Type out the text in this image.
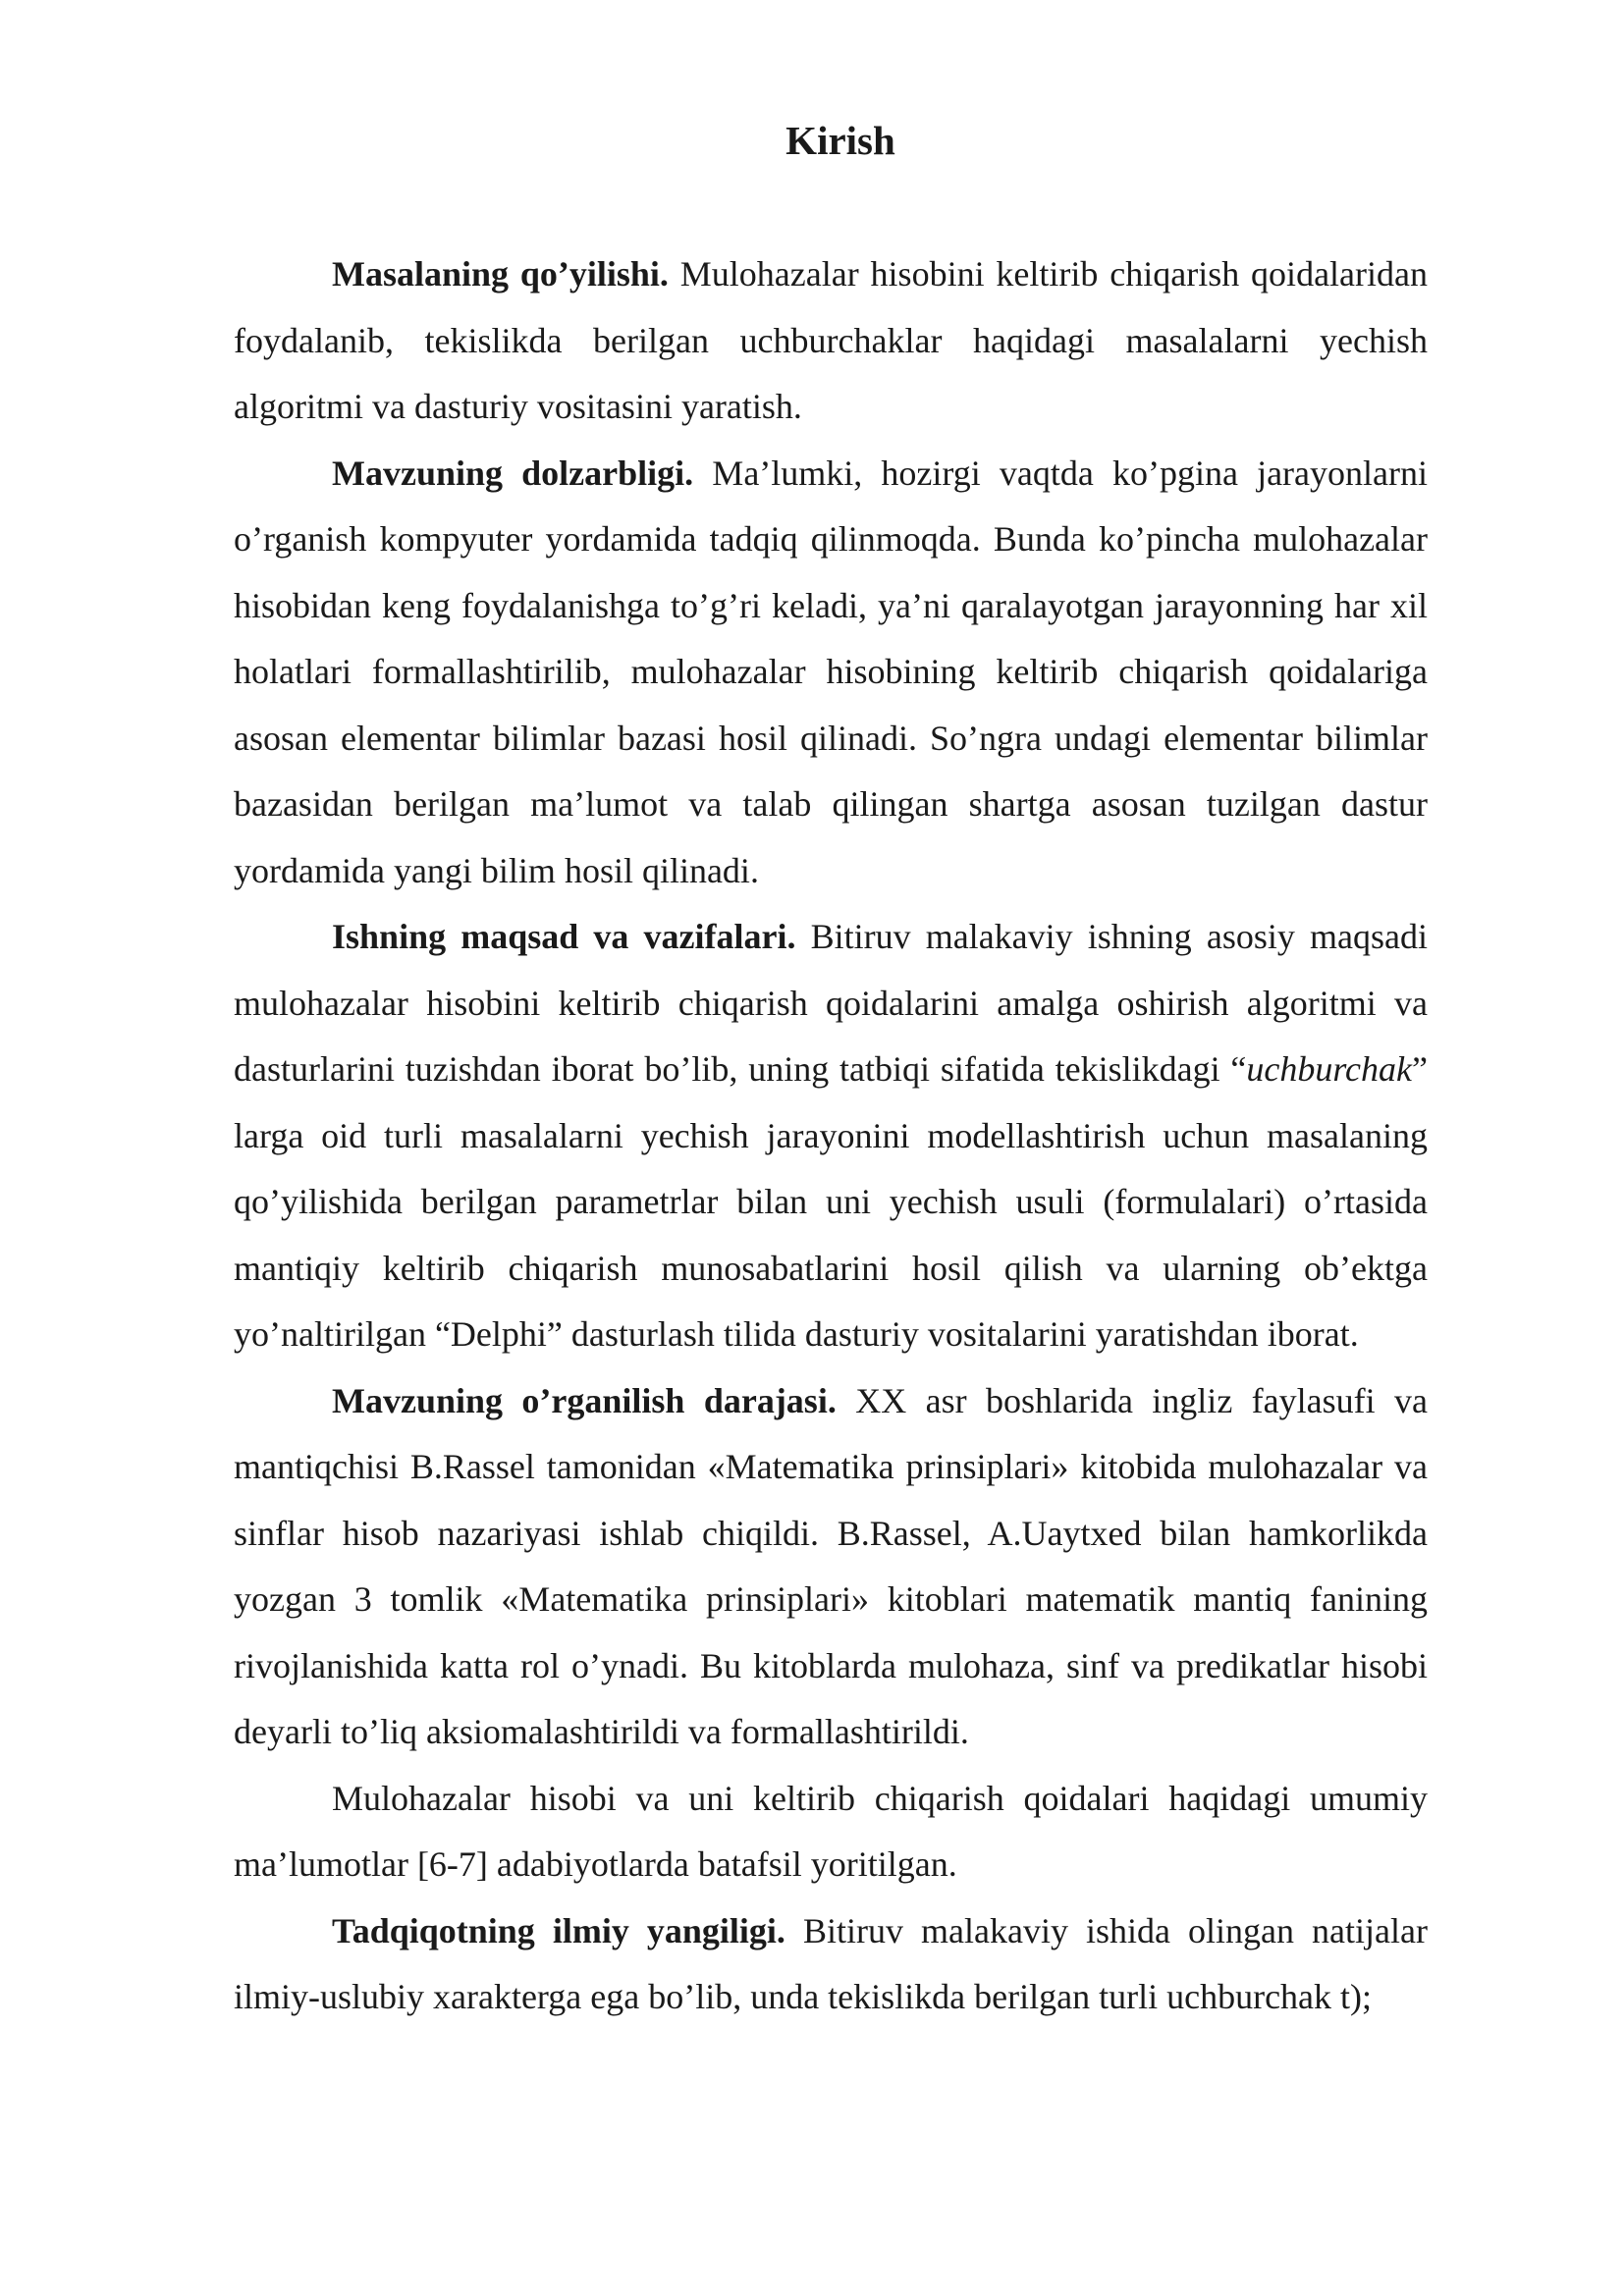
Kirish

Masalaning qo’yilishi. Mulohazalar hisobini keltirib chiqarish qoidalaridan foydalanib, tekislikda berilgan uchburchaklar haqidagi masalalarni yechish algoritmi va dasturiy vositasini yaratish.

Mavzuning dolzarbligi. Ma’lumki, hozirgi vaqtda ko’pgina jarayonlarni o’rganish kompyuter yordamida tadqiq qilinmoqda. Bunda ko’pincha mulohazalar hisobidan keng foydalanishga to’g’ri keladi, ya’ni qaralayotgan jarayonning har xil holatlari formallashtirilib, mulohazalar hisobining keltirib chiqarish qoidalariga asosan elementar bilimlar bazasi hosil qilinadi. So’ngra undagi elementar bilimlar bazasidan berilgan ma’lumot va talab qilingan shartga asosan tuzilgan dastur yordamida yangi bilim hosil qilinadi.

Ishning maqsad va vazifalari. Bitiruv malakaviy ishning asosiy maqsadi mulohazalar hisobini keltirib chiqarish qoidalarini amalga oshirish algoritmi va dasturlarini tuzishdan iborat bo’lib, uning tatbiqi sifatida tekislikdagi “uchburchak” larga oid turli masalalarni yechish jarayonini modellashtirish uchun masalaning qo’yilishida berilgan parametrlar bilan uni yechish usuli (formulalari) o’rtasida mantiqiy keltirib chiqarish munosabatlarini hosil qilish va ularning ob’ektga yo’naltirilgan “Delphi” dasturlash tilida dasturiy vositalarini yaratishdan iborat.

Mavzuning o’rganilish darajasi. XX asr boshlarida ingliz faylasufi va mantiqchisi B.Rassel tamonidan «Matematika prinsiplari» kitobida mulohazalar va sinflar hisob nazariyasi ishlab chiqildi. B.Rassel, A.Uaytxed bilan hamkorlikda yozgan 3 tomlik «Matematika prinsiplari» kitoblari matematik mantiq fanining rivojlanishida katta rol o’ynadi. Bu kitoblarda mulohaza, sinf va predikatlar hisobi deyarli to’liq aksiomalashtirildi va formallashtirildi.

Mulohazalar hisobi va uni keltirib chiqarish qoidalari haqidagi umumiy ma’lumotlar [6-7] adabiyotlarda batafsil yoritilgan.

Tadqiqotning ilmiy yangiligi. Bitiruv malakaviy ishida olingan natijalar ilmiy-uslubiy xarakterga ega bo’lib, unda tekislikda berilgan turli uchburchak t);
